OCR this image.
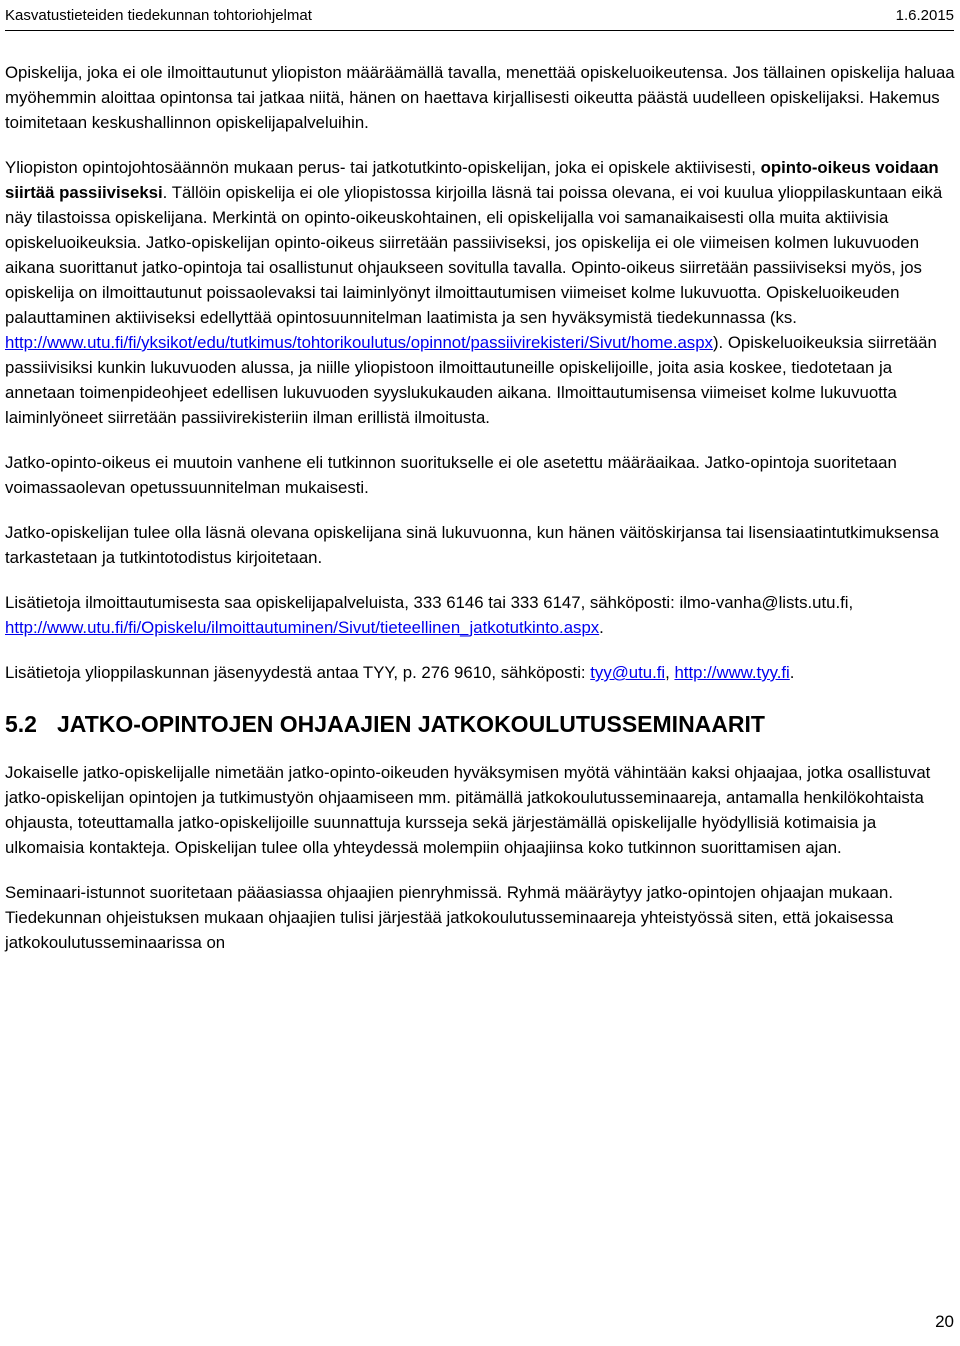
Kasvatustieteiden tiedekunnan tohtoriohjelmat	1.6.2015

Opiskelija, joka ei ole ilmoittautunut yliopiston määräämällä tavalla, menettää opiskeluoikeutensa. Jos tällainen opiskelija haluaa myöhemmin aloittaa opintonsa tai jatkaa niitä, hänen on haettava kirjallisesti oikeutta päästä uudelleen opiskelijaksi. Hakemus toimitetaan keskushallinnon opiskelijapalveluihin.

Yliopiston opintojohtosäännön mukaan perus- tai jatkotutkinto-opiskelijan, joka ei opiskele aktiivisesti, opinto-oikeus voidaan siirtää passiiviseksi. Tällöin opiskelija ei ole yliopistossa kirjoilla läsnä tai poissa olevana, ei voi kuulua ylioppilaskuntaan eikä näy tilastoissa opiskelijana. Merkintä on opinto-oikeuskohtainen, eli opiskelijalla voi samanaikaisesti olla muita aktiivisia opiskeluoikeuksia. Jatko-opiskelijan opinto-oikeus siirretään passiiviseksi, jos opiskelija ei ole viimeisen kolmen lukuvuoden aikana suorittanut jatko-opintoja tai osallistunut ohjaukseen sovitulla tavalla. Opinto-oikeus siirretään passiiviseksi myös, jos opiskelija on ilmoittautunut poissaolevaksi tai laiminlyönyt ilmoittautumisen viimeiset kolme lukuvuotta. Opiskeluoikeuden palauttaminen aktiiviseksi edellyttää opintosuunnitelman laatimista ja sen hyväksymistä tiedekunnassa (ks. http://www.utu.fi/fi/yksikot/edu/tutkimus/tohtorikoulutus/opinnot/passiivirekisteri/Sivut/home.aspx). Opiskeluoikeuksia siirretään passiivisiksi kunkin lukuvuoden alussa, ja niille yliopistoon ilmoittautuneille opiskelijoille, joita asia koskee, tiedotetaan ja annetaan toimenpideohjeet edellisen lukuvuoden syyslukukauden aikana. Ilmoittautumisensa viimeiset kolme lukuvuotta laiminlyöneet siirretään passiivirekisteriin ilman erillistä ilmoitusta.

Jatko-opinto-oikeus ei muutoin vanhene eli tutkinnon suoritukselle ei ole asetettu määräaikaa. Jatko-opintoja suoritetaan voimassaolevan opetussuunnitelman mukaisesti.

Jatko-opiskelijan tulee olla läsnä olevana opiskelijana sinä lukuvuonna, kun hänen väitöskirjansa tai lisensiaatintutkimuksensa tarkastetaan ja tutkintotodistus kirjoitetaan.

Lisätietoja ilmoittautumisesta saa opiskelijapalveluista, 333 6146 tai 333 6147, sähköposti: ilmo-vanha@lists.utu.fi, http://www.utu.fi/fi/Opiskelu/ilmoittautuminen/Sivut/tieteellinen_jatkotutkinto.aspx.

Lisätietoja ylioppilaskunnan jäsenyydestä antaa TYY, p. 276 9610, sähköposti: tyy@utu.fi, http://www.tyy.fi.

5.2 JATKO-OPINTOJEN OHJAAJIEN JATKOKOULUTUSSEMINAARIT

Jokaiselle jatko-opiskelijalle nimetään jatko-opinto-oikeuden hyväksymisen myötä vähintään kaksi ohjaajaa, jotka osallistuvat jatko-opiskelijan opintojen ja tutkimustyön ohjaamiseen mm. pitämällä jatkokoulutusseminaareja, antamalla henkilökohtaista ohjausta, toteuttamalla jatko-opiskelijoille suunnattuja kursseja sekä järjestämällä opiskelijalle hyödyllisiä kotimaisia ja ulkomaisia kontakteja. Opiskelijan tulee olla yhteydessä molempiin ohjaajiinsa koko tutkinnon suorittamisen ajan.

Seminaari-istunnot suoritetaan pääasiassa ohjaajien pienryhmissä. Ryhmä määräytyy jatko-opintojen ohjaajan mukaan. Tiedekunnan ohjeistuksen mukaan ohjaajien tulisi järjestää jatkokoulutusseminaareja yhteistyössä siten, että jokaisessa jatkokoulutusseminaarissa on

20
